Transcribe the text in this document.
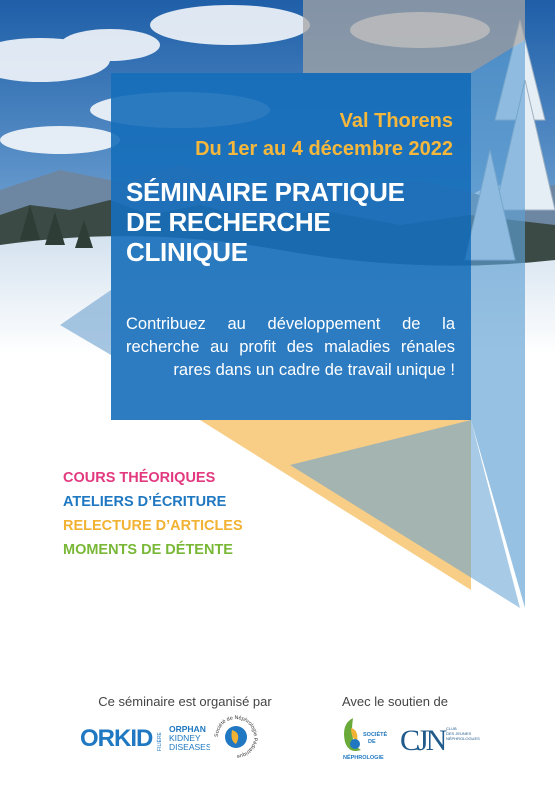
Val Thorens
Du 1er au 4 décembre 2022
SÉMINAIRE PRATIQUE
DE RECHERCHE
CLINIQUE
Contribuez au développement de la recherche au profit des maladies rénales rares dans un cadre de travail unique !
COURS THÉORIQUES
ATELIERS D’ÉCRITURE
RELECTURE D’ARTICLES
MOMENTS DE DÉTENTE
Ce séminaire est organisé par	Avec le soutien de
ORKID FILIÈRE
ORPHAN
KIDNEY
DISEASES
Société de Néphrologie Pédiatrique
SOCIÉTÉ
DE
NÉPHROLOGIE
CJN CLUB
DES JEUNES
NÉPHROLOGUES
